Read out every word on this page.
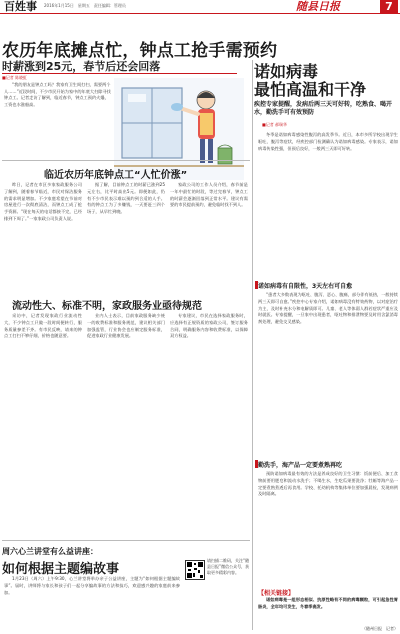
百姓事 2016年1月15日　星期五　责任编辑：管理员	随县日报	7
农历年底摊点忙，钟点工抢手需预约
时薪涨到25元，春节后还会回落
■记者 陈晓虹
“我的朋友是钟点工吗？我家有卫生间打扫，需要两个人……”近段时间，不少市民开始为家中的年底大扫除寻找钟点工。记者走访了解到，临近春节，钟点工预约火爆，工资也水涨船高。
诺如病毒
最怕高温和干净
疾控专家提醒，发病后两三天可好转，吃熟食、喝开水，勤洗手可有效预防
■记者 郝瑞华

冬季是诺如病毒感染性腹泻的高发季节。近日，本市多所学校出现学生呕吐、腹泻等症状，经疾控部门检测确认为诺如病毒感染。专家表示，诺如病毒传染性强，但预后良好，一般两三天即可好转。

诺如病毒有自限性，3天左右可自愈

“患者大多数表现为呕吐、腹泻、恶心、腹痛，部分伴有低热，一般持续两三天即可自愈。”疾控中心专家介绍，诺如病毒没有特效药物，以对症治疗为主，及时补充水分和电解质即可。儿童、老人等体弱人群若症状严重应及时就医。专家提醒，一旦家中出现患者，呕吐物和排泄物要及时用含氯消毒剂处理，避免交叉感染。

勤洗手，海产品一定要煮熟再吃

预防诺如病毒最有效的方法是养成良好的卫生习惯：饭前便后、加工食物前要用肥皂和流动水洗手；不喝生水，生吃瓜果要洗净；牡蛎等海产品一定要煮熟煮透后再食用。学校、托幼机构等集体单位要加强晨检，发现病例及时隔离。

【相关链接】

诺如病毒是一组形态相似、抗原性略有不同的病毒颗粒，可引起急性胃肠炎，全年均可发生，冬春季高发。

临近农历年底钟点工“人忙价涨”

昨日，记者在市区多家家政服务公司了解到，随着春节临近，市民对保洁服务的需求明显增加。不少家庭希望在节前对房屋进行一次彻底清洁，而钟点工成了抢手资源。“现在每天的电话都接不完，已经排到下周了。”一家家政公司负责人说。

据了解，目前钟点工的时薪已涨到25元左右，比平时高出5元。即便如此，仍有不少市民表示难以预约到合适的人手。有的钟点工为了多赚钱，一天要赶三四个场子，从早忙到晚。

家政公司的工作人员介绍，春节前是一年中最忙的时段，等过完春节，钟点工的时薪会逐渐回落到正常水平。建议有需要的市民提前预约，避免临时找不到人。

流动性大、标准不明，家政服务业亟待规范

采访中，记者发现家政行业流动性大，不少钟点工只做一段时间便转行，服务质量参差不齐。有市民反映，请来的钟点工打扫不够仔细，价格也随意要。

业内人士表示，目前家政服务缺少统一的收费标准和服务规范，建议相关部门加强监管，行业协会也应制定服务标准，促进家政行业健康发展。

专家建议，市民在选择家政服务时，应选择有正规资质的家政公司，签订服务合同，明确服务内容和收费标准，以保障双方权益。

周六心兰讲堂有么益讲座：
如何根据主题编故事

1月23日（周六）上午9:30，心兰讲堂将举办亲子公益讲座，主题为“如何根据主题编故事”。届时，讲师将与家长和孩子们一起分享编故事的方法和技巧，欢迎感兴趣的家庭前来参加。

请扫描二维码，关注“随县日报”微信公众号，获取更多精彩内容。
（随州日报　记者）
